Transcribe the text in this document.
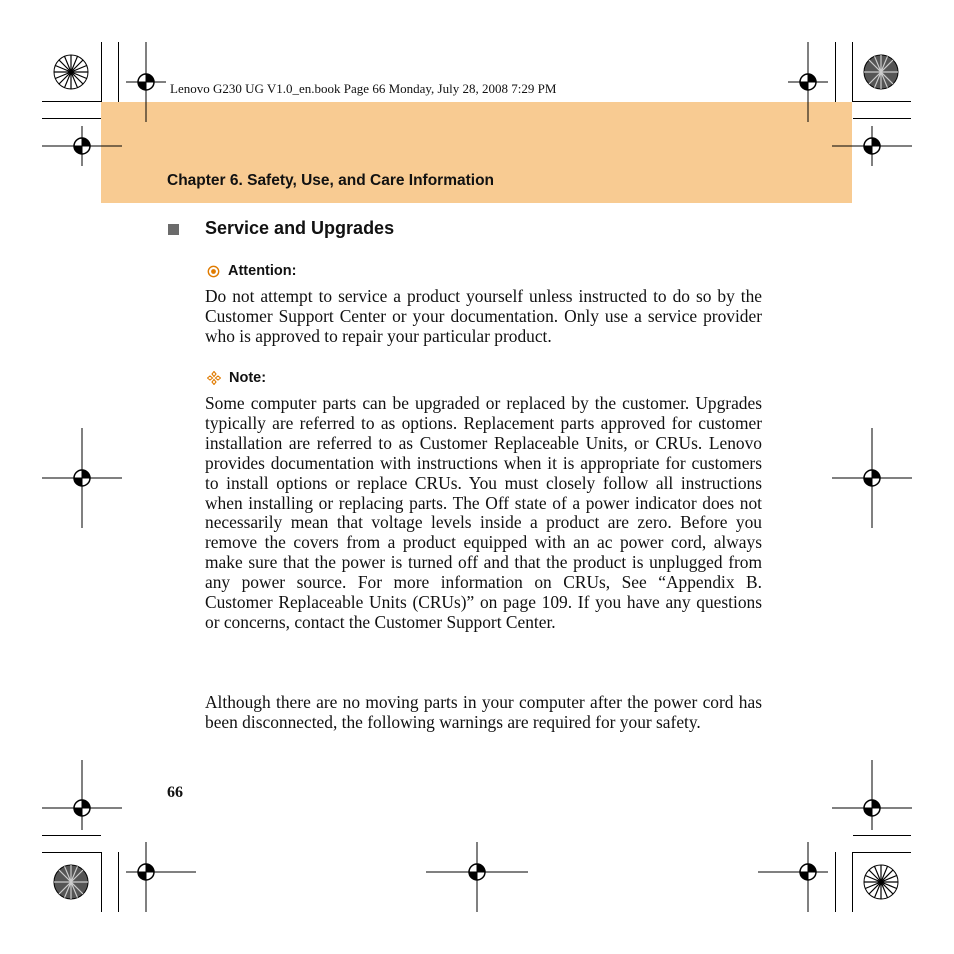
Lenovo G230 UG V1.0_en.book Page 66 Monday, July 28, 2008 7:29 PM
Chapter 6. Safety, Use, and Care Information
Service and Upgrades
Attention:

Do not attempt to service a product yourself unless instructed to do so by the Customer Support Center or your documentation. Only use a service provider who is approved to repair your particular product.

Note:

Some computer parts can be upgraded or replaced by the customer. Upgrades typically are referred to as options. Replacement parts approved for customer installation are referred to as Customer Replaceable Units, or CRUs. Lenovo provides documentation with instructions when it is appropriate for customers to install options or replace CRUs. You must closely follow all instructions when installing or replacing parts. The Off state of a power indicator does not necessarily mean that voltage levels inside a product are zero. Before you remove the covers from a product equipped with an ac power cord, always make sure that the power is turned off and that the product is unplugged from any power source. For more information on CRUs, See “Appendix B. Customer Replaceable Units (CRUs)” on page 109. If you have any questions or concerns, contact the Customer Support Center.

Although there are no moving parts in your computer after the power cord has been disconnected, the following warnings are required for your safety.

66
